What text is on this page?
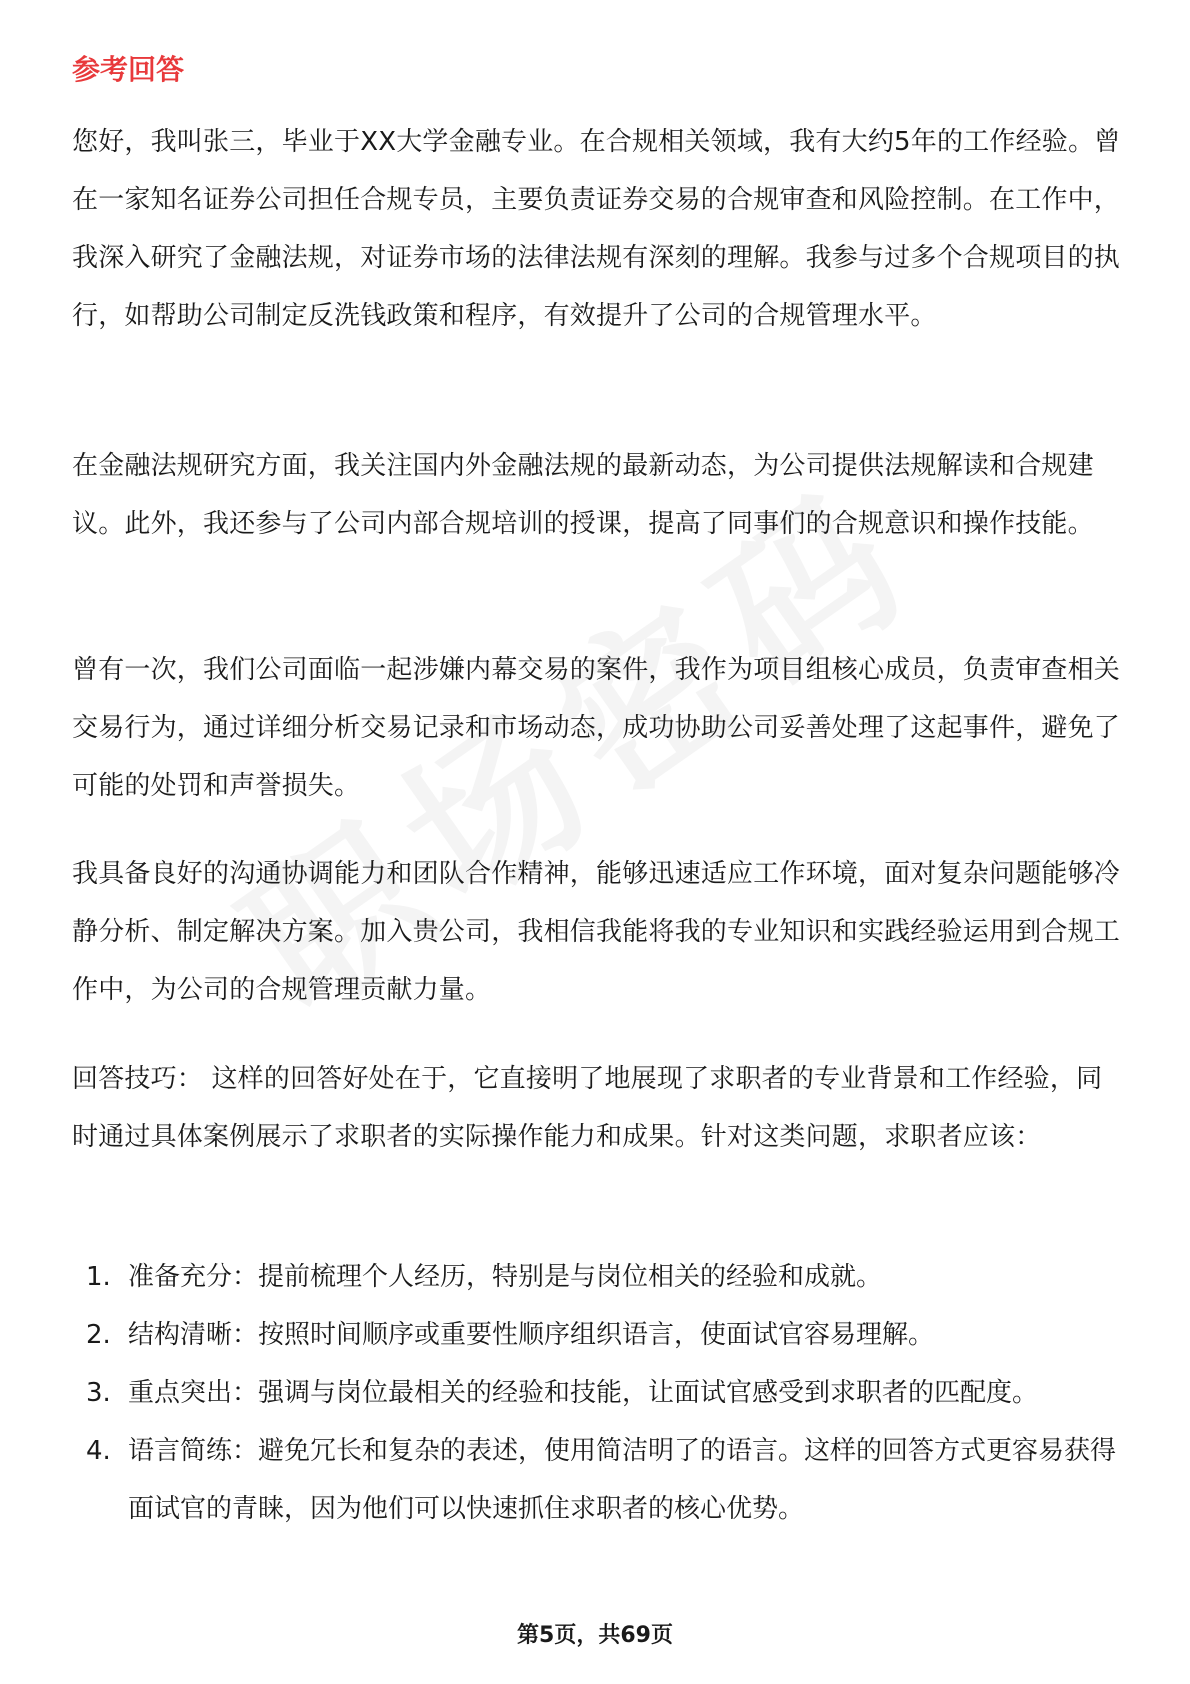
参考回答

您好，我叫张三，毕业于XX大学金融专业。在合规相关领域，我有大约5年的工作经验。曾在一家知名证券公司担任合规专员，主要负责证券交易的合规审查和风险控制。在工作中，我深入研究了金融法规，对证券市场的法律法规有深刻的理解。我参与过多个合规项目的执行，如帮助公司制定反洗钱政策和程序，有效提升了公司的合规管理水平。

在金融法规研究方面，我关注国内外金融法规的最新动态，为公司提供法规解读和合规建议。此外，我还参与了公司内部合规培训的授课，提高了同事们的合规意识和操作技能。

曾有一次，我们公司面临一起涉嫌内幕交易的案件，我作为项目组核心成员，负责审查相关交易行为，通过详细分析交易记录和市场动态，成功协助公司妥善处理了这起事件，避免了可能的处罚和声誉损失。

我具备良好的沟通协调能力和团队合作精神，能够迅速适应工作环境，面对复杂问题能够冷静分析、制定解决方案。加入贵公司，我相信我能将我的专业知识和实践经验运用到合规工作中，为公司的合规管理贡献力量。

回答技巧： 这样的回答好处在于，它直接明了地展现了求职者的专业背景和工作经验，同时通过具体案例展示了求职者的实际操作能力和成果。针对这类问题，求职者应该：

1. 准备充分：提前梳理个人经历，特别是与岗位相关的经验和成就。
2. 结构清晰：按照时间顺序或重要性顺序组织语言，使面试官容易理解。
3. 重点突出：强调与岗位最相关的经验和技能，让面试官感受到求职者的匹配度。
4. 语言简练：避免冗长和复杂的表述，使用简洁明了的语言。这样的回答方式更容易获得面试官的青睐，因为他们可以快速抓住求职者的核心优势。
第5页，共69页
